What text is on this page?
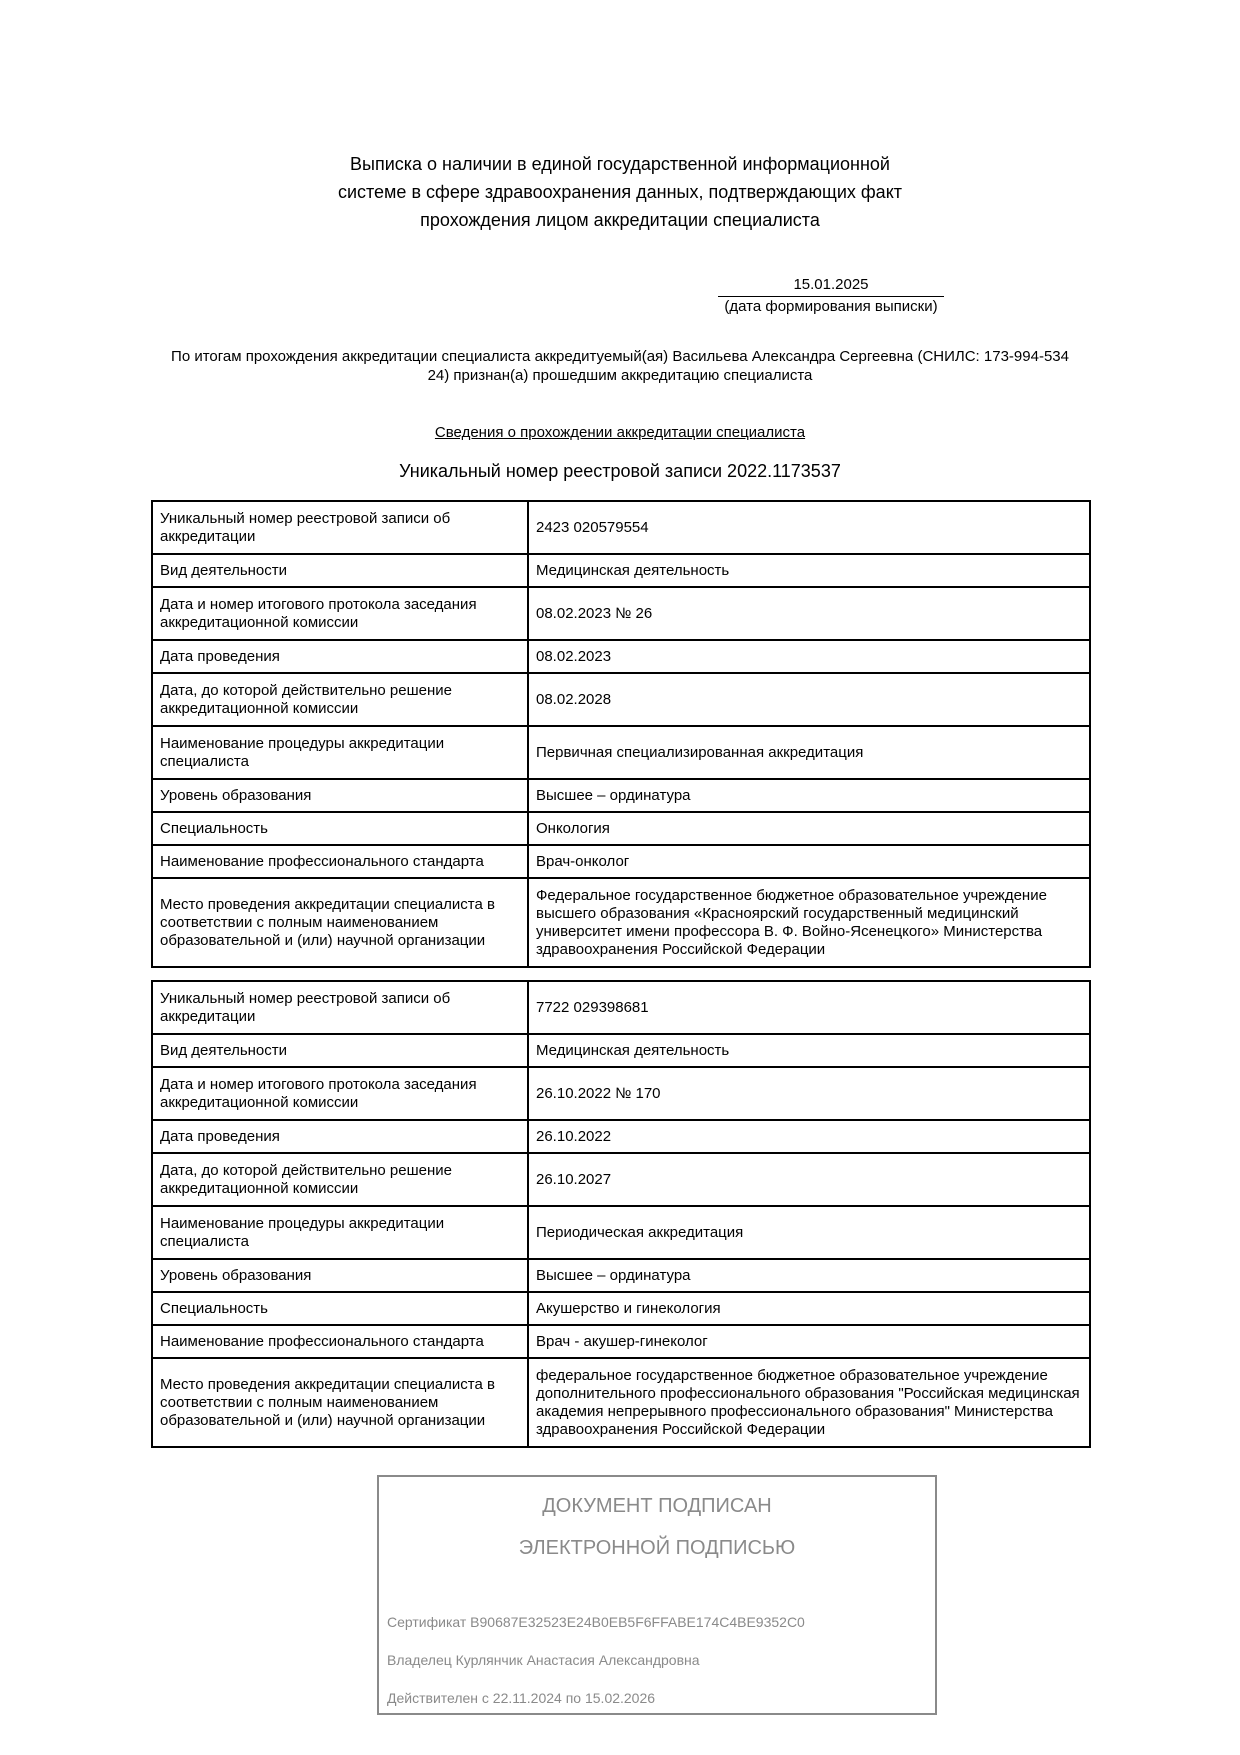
Выписка о наличии в единой государственной информационной
системе в сфере здравоохранения данных, подтверждающих факт
прохождения лицом аккредитации специалиста
15.01.2025
(дата формирования выписки)
По итогам прохождения аккредитации специалиста аккредитуемый(ая) Васильева Александра Сергеевна (СНИЛС: 173-994-534
24) признан(а) прошедшим аккредитацию специалиста
Сведения о прохождении аккредитации специалиста
Уникальный номер реестровой записи 2022.1173537
Уникальный номер реестровой записи об аккредитации	2423 020579554
Вид деятельности	Медицинская деятельность
Дата и номер итогового протокола заседания аккредитационной комиссии	08.02.2023 № 26
Дата проведения	08.02.2023
Дата, до которой действительно решение аккредитационной комиссии	08.02.2028
Наименование процедуры аккредитации специалиста	Первичная специализированная аккредитация
Уровень образования	Высшее – ординатура
Специальность	Онкология
Наименование профессионального стандарта	Врач-онколог
Место проведения аккредитации специалиста в соответствии с полным наименованием образовательной и (или) научной организации	Федеральное государственное бюджетное образовательное учреждение высшего образования «Красноярский государственный медицинский университет имени профессора В. Ф. Войно-Ясенецкого» Министерства здравоохранения Российской Федерации
Уникальный номер реестровой записи об аккредитации	7722 029398681
Вид деятельности	Медицинская деятельность
Дата и номер итогового протокола заседания аккредитационной комиссии	26.10.2022 № 170
Дата проведения	26.10.2022
Дата, до которой действительно решение аккредитационной комиссии	26.10.2027
Наименование процедуры аккредитации специалиста	Периодическая аккредитация
Уровень образования	Высшее – ординатура
Специальность	Акушерство и гинекология
Наименование профессионального стандарта	Врач - акушер-гинеколог
Место проведения аккредитации специалиста в соответствии с полным наименованием образовательной и (или) научной организации	федеральное государственное бюджетное образовательное учреждение дополнительного профессионального образования "Российская медицинская академия непрерывного профессионального образования" Министерства здравоохранения Российской Федерации
ДОКУМЕНТ ПОДПИСАН
ЭЛЕКТРОННОЙ ПОДПИСЬЮ
Сертификат B90687E32523E24B0EB5F6FFABE174C4BE9352C0
Владелец Курлянчик Анастасия Александровна
Действителен с 22.11.2024 по 15.02.2026
